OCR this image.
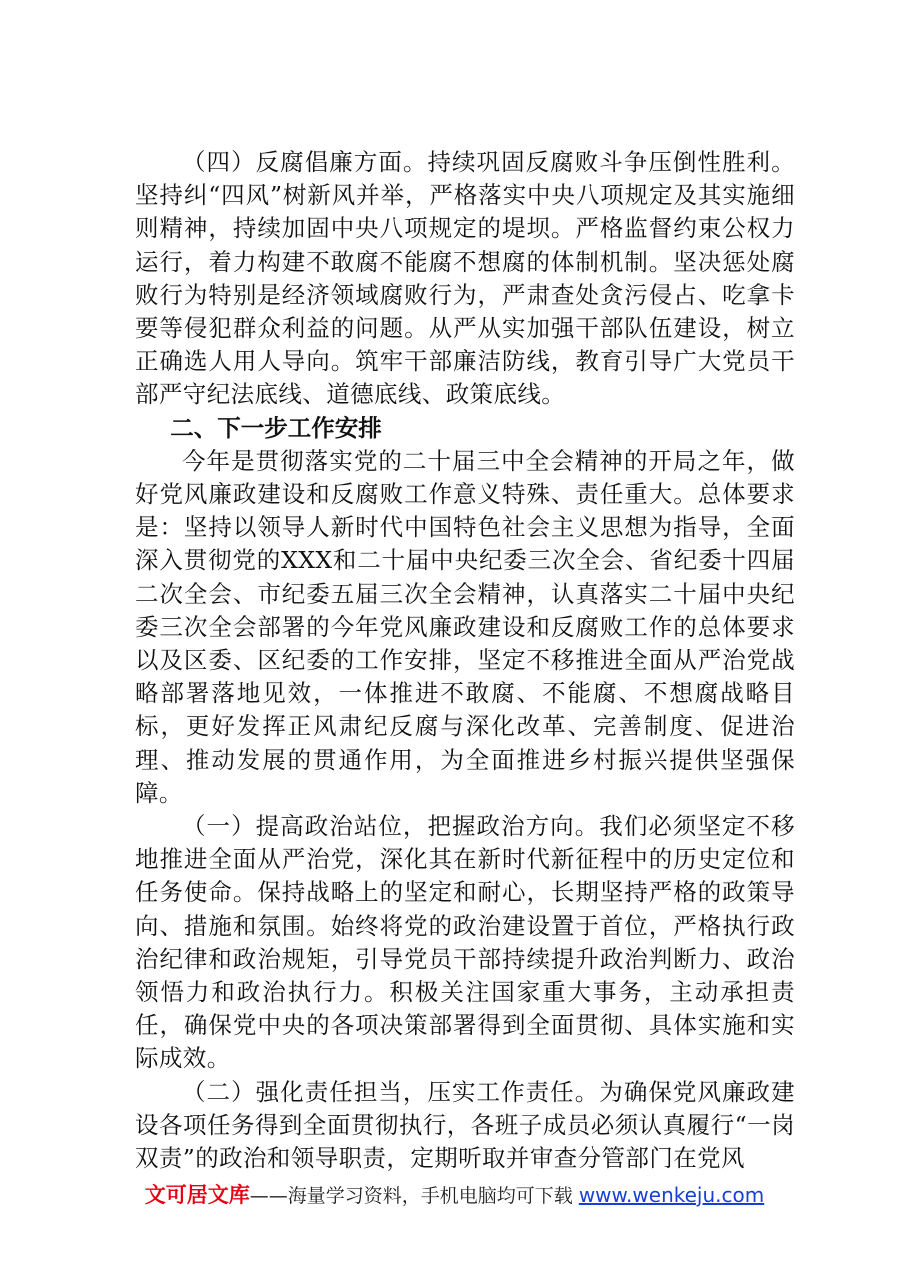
（四）反腐倡廉方面。持续巩固反腐败斗争压倒性胜利。坚持纠“四风”树新风并举，严格落实中央八项规定及其实施细则精神，持续加固中央八项规定的堤坝。严格监督约束公权力运行，着力构建不敢腐不能腐不想腐的体制机制。坚决惩处腐败行为特别是经济领域腐败行为，严肃查处贪污侵占、吃拿卡要等侵犯群众利益的问题。从严从实加强干部队伍建设，树立正确选人用人导向。筑牢干部廉洁防线，教育引导广大党员干部严守纪法底线、道德底线、政策底线。

二、下一步工作安排

今年是贯彻落实党的二十届三中全会精神的开局之年，做好党风廉政建设和反腐败工作意义特殊、责任重大。总体要求是：坚持以领导人新时代中国特色社会主义思想为指导，全面深入贯彻党的XXX和二十届中央纪委三次全会、省纪委十四届二次全会、市纪委五届三次全会精神，认真落实二十届中央纪委三次全会部署的今年党风廉政建设和反腐败工作的总体要求以及区委、区纪委的工作安排，坚定不移推进全面从严治党战略部署落地见效，一体推进不敢腐、不能腐、不想腐战略目标，更好发挥正风肃纪反腐与深化改革、完善制度、促进治理、推动发展的贯通作用，为全面推进乡村振兴提供坚强保障。

（一）提高政治站位，把握政治方向。我们必须坚定不移地推进全面从严治党，深化其在新时代新征程中的历史定位和任务使命。保持战略上的坚定和耐心，长期坚持严格的政策导向、措施和氛围。始终将党的政治建设置于首位，严格执行政治纪律和政治规矩，引导党员干部持续提升政治判断力、政治领悟力和政治执行力。积极关注国家重大事务，主动承担责任，确保党中央的各项决策部署得到全面贯彻、具体实施和实际成效。

（二）强化责任担当，压实工作责任。为确保党风廉政建设各项任务得到全面贯彻执行，各班子成员必须认真履行“一岗双责”的政治和领导职责，定期听取并审查分管部门在党风

文可居文库——海量学习资料，手机电脑均可下载 www.wenkeju.com
